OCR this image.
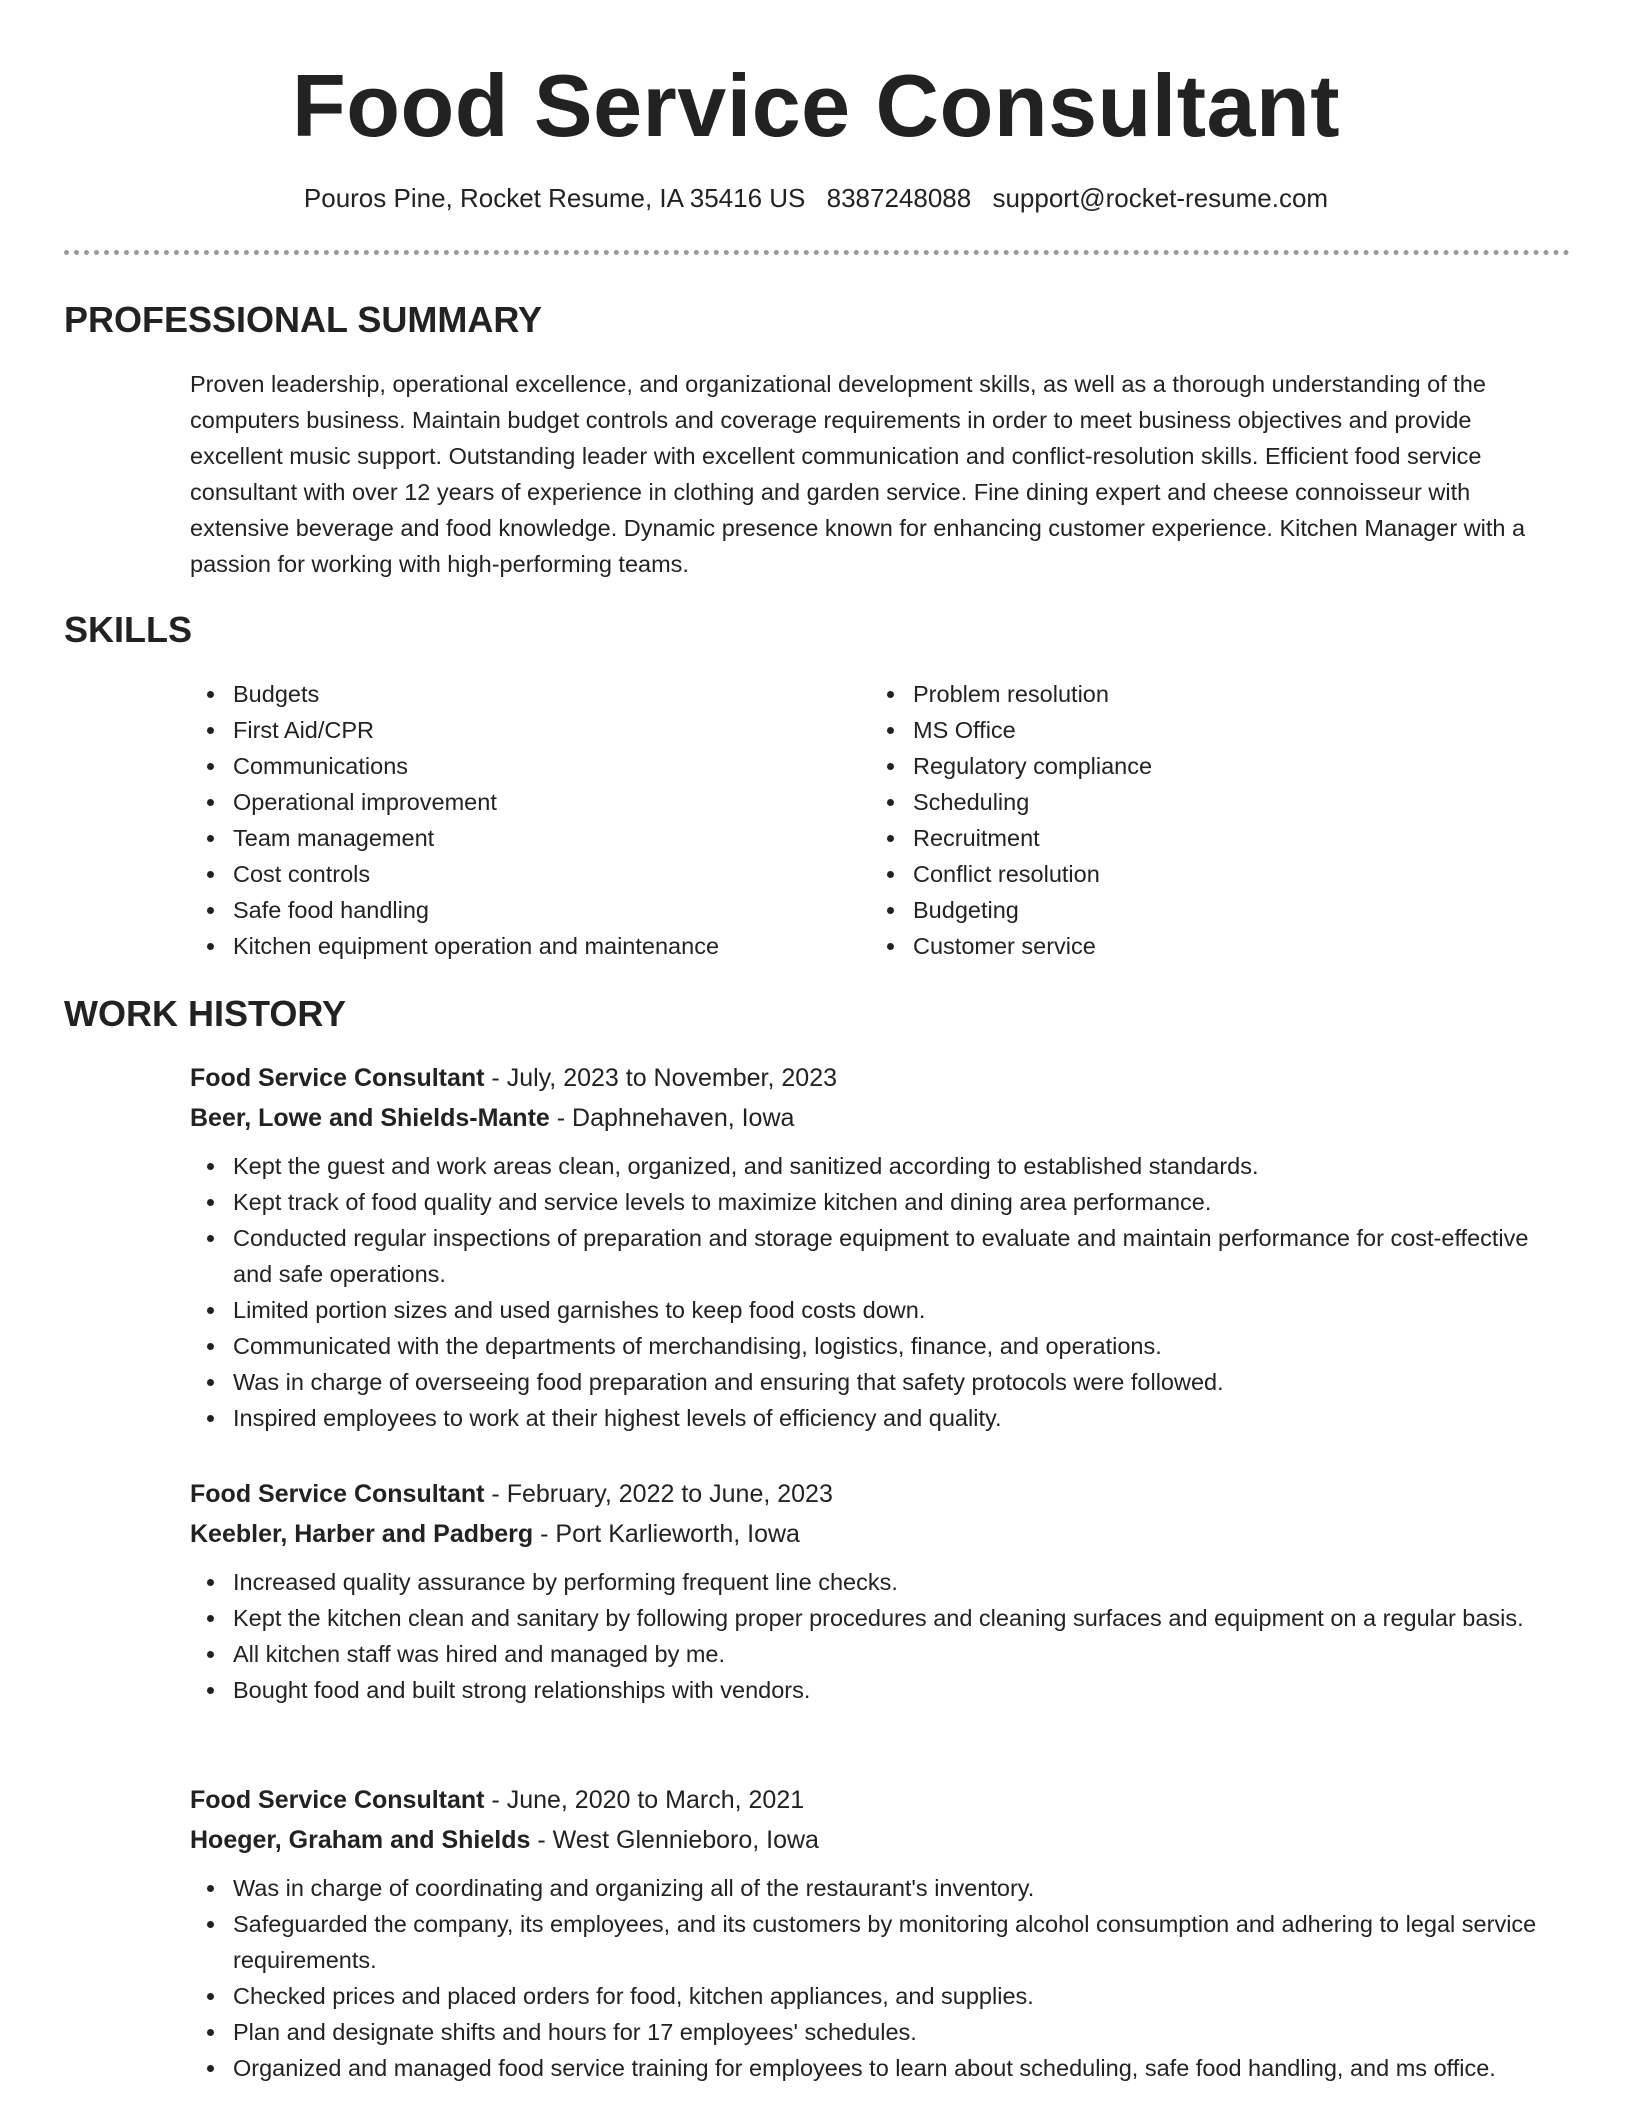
Food Service Consultant
Pouros Pine, Rocket Resume, IA 35416 US 8387248088 support@rocket-resume.com
PROFESSIONAL SUMMARY

Proven leadership, operational excellence, and organizational development skills, as well as a thorough understanding of the computers business. Maintain budget controls and coverage requirements in order to meet business objectives and provide excellent music support. Outstanding leader with excellent communication and conflict-resolution skills. Efficient food service consultant with over 12 years of experience in clothing and garden service. Fine dining expert and cheese connoisseur with extensive beverage and food knowledge. Dynamic presence known for enhancing customer experience. Kitchen Manager with a passion for working with high-performing teams.

SKILLS
Budgets
First Aid/CPR
Communications
Operational improvement
Team management
Cost controls
Safe food handling
Kitchen equipment operation and maintenance
Problem resolution
MS Office
Regulatory compliance
Scheduling
Recruitment
Conflict resolution
Budgeting
Customer service
WORK HISTORY
Food Service Consultant - July, 2023 to November, 2023
Beer, Lowe and Shields-Mante - Daphnehaven, Iowa
Kept the guest and work areas clean, organized, and sanitized according to established standards.
Kept track of food quality and service levels to maximize kitchen and dining area performance.
Conducted regular inspections of preparation and storage equipment to evaluate and maintain performance for cost-effective and safe operations.
Limited portion sizes and used garnishes to keep food costs down.
Communicated with the departments of merchandising, logistics, finance, and operations.
Was in charge of overseeing food preparation and ensuring that safety protocols were followed.
Inspired employees to work at their highest levels of efficiency and quality.
Food Service Consultant - February, 2022 to June, 2023
Keebler, Harber and Padberg - Port Karlieworth, Iowa
Increased quality assurance by performing frequent line checks.
Kept the kitchen clean and sanitary by following proper procedures and cleaning surfaces and equipment on a regular basis.
All kitchen staff was hired and managed by me.
Bought food and built strong relationships with vendors.
Food Service Consultant - June, 2020 to March, 2021
Hoeger, Graham and Shields - West Glennieboro, Iowa
Was in charge of coordinating and organizing all of the restaurant's inventory.
Safeguarded the company, its employees, and its customers by monitoring alcohol consumption and adhering to legal service requirements.
Checked prices and placed orders for food, kitchen appliances, and supplies.
Plan and designate shifts and hours for 17 employees' schedules.
Organized and managed food service training for employees to learn about scheduling, safe food handling, and ms office.
